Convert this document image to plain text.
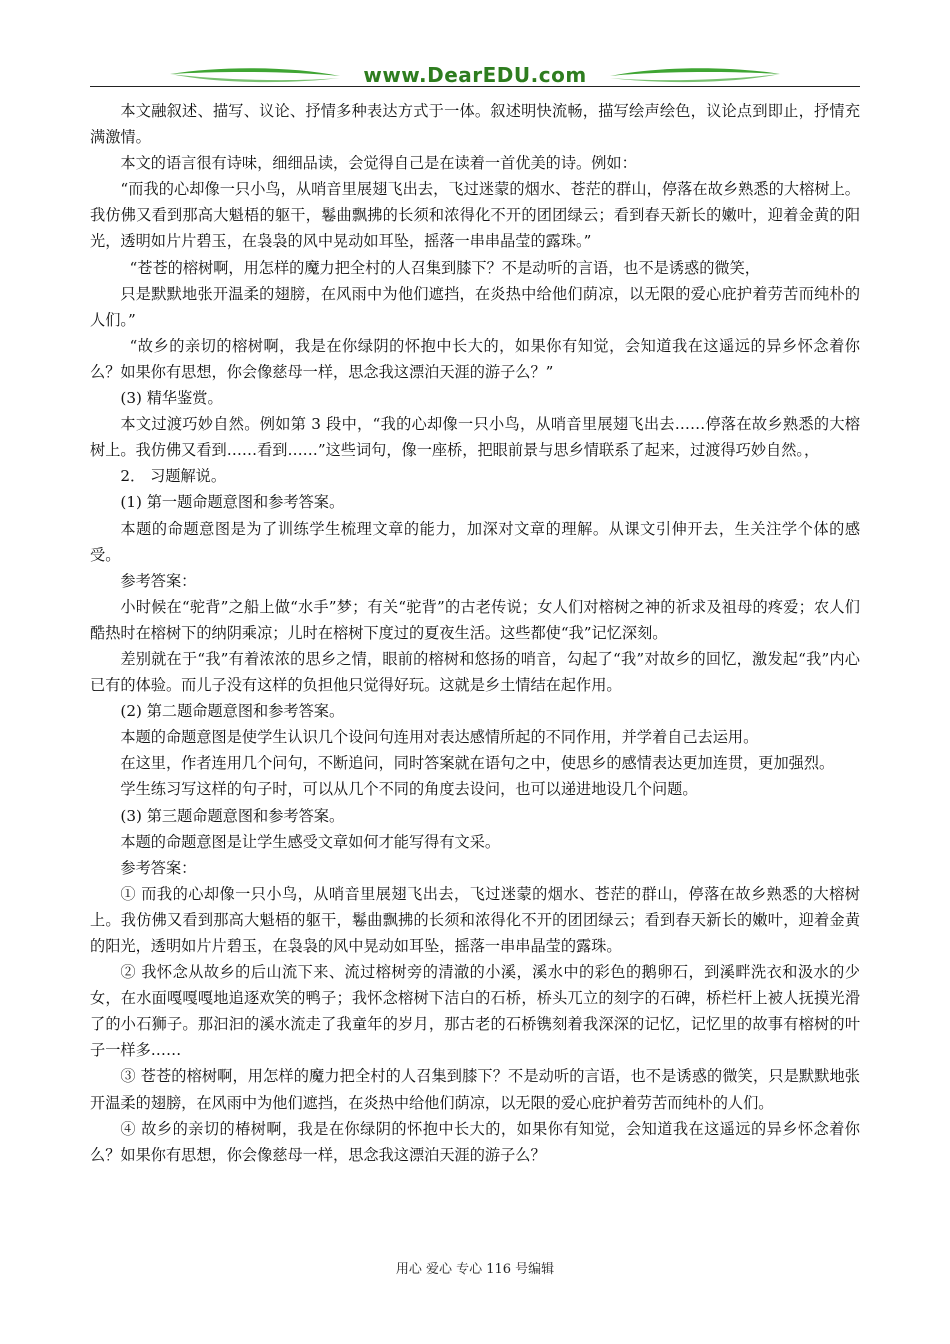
www.DearEDU.com

本文融叙述、描写、议论、抒情多种表达方式于一体。叙述明快流畅，描写绘声绘色，议论点到即止，抒情充满激情。

本文的语言很有诗味，细细品读，会觉得自己是在读着一首优美的诗。例如：

“而我的心却像一只小鸟，从哨音里展翅飞出去，飞过迷蒙的烟水、苍茫的群山，停落在故乡熟悉的大榕树上。我仿佛又看到那高大魁梧的躯干，鬈曲飘拂的长须和浓得化不开的团团绿云；看到春天新长的嫩叶，迎着金黄的阳光，透明如片片碧玉，在袅袅的风中晃动如耳坠，摇落一串串晶莹的露珠。”

“苍苍的榕树啊，用怎样的魔力把全村的人召集到膝下？不是动听的言语，也不是诱惑的微笑，

只是默默地张开温柔的翅膀，在风雨中为他们遮挡，在炎热中给他们荫凉，以无限的爱心庇护着劳苦而纯朴的人们。”

“故乡的亲切的榕树啊，我是在你绿阴的怀抱中长大的，如果你有知觉，会知道我在这遥远的异乡怀念着你么？如果你有思想，你会像慈母一样，思念我这漂泊天涯的游子么？”

(3) 精华鉴赏。

本文过渡巧妙自然。例如第 3 段中，“我的心却像一只小鸟，从哨音里展翅飞出去……停落在故乡熟悉的大榕树上。我仿佛又看到……看到……”这些词句，像一座桥，把眼前景与思乡情联系了起来，过渡得巧妙自然。，

2． 习题解说。

(1) 第一题命题意图和参考答案。

本题的命题意图是为了训练学生梳理文章的能力，加深对文章的理解。从课文引伸开去，生关注学个体的感受。

参考答案：

小时候在“驼背”之船上做“水手”梦；有关“驼背”的古老传说；女人们对榕树之神的祈求及祖母的疼爱；农人们酷热时在榕树下的纳阴乘凉；儿时在榕树下度过的夏夜生活。这些都使“我”记忆深刻。

差别就在于“我”有着浓浓的思乡之情，眼前的榕树和悠扬的哨音，勾起了“我”对故乡的回忆，激发起“我”内心已有的体验。而儿子没有这样的负担他只觉得好玩。这就是乡土情结在起作用。

(2) 第二题命题意图和参考答案。

本题的命题意图是使学生认识几个设问句连用对表达感情所起的不同作用，并学着自己去运用。

在这里，作者连用几个问句，不断追问，同时答案就在语句之中，使思乡的感情表达更加连贯，更加强烈。

学生练习写这样的句子时，可以从几个不同的角度去设问，也可以递进地设几个问题。

(3) 第三题命题意图和参考答案。

本题的命题意图是让学生感受文章如何才能写得有文采。

参考答案：

① 而我的心却像一只小鸟，从哨音里展翅飞出去，飞过迷蒙的烟水、苍茫的群山，停落在故乡熟悉的大榕树上。我仿佛又看到那高大魁梧的躯干，鬈曲飘拂的长须和浓得化不开的团团绿云；看到春天新长的嫩叶，迎着金黄的阳光，透明如片片碧玉，在袅袅的风中晃动如耳坠，摇落一串串晶莹的露珠。

② 我怀念从故乡的后山流下来、流过榕树旁的清澈的小溪，溪水中的彩色的鹅卵石，到溪畔洗衣和汲水的少女，在水面嘎嘎嘎地追逐欢笑的鸭子；我怀念榕树下洁白的石桥，桥头兀立的刻字的石碑，桥栏杆上被人抚摸光滑了的小石狮子。那汩汩的溪水流走了我童年的岁月，那古老的石桥镌刻着我深深的记忆，记忆里的故事有榕树的叶子一样多……

③ 苍苍的榕树啊，用怎样的魔力把全村的人召集到膝下？不是动听的言语，也不是诱惑的微笑，只是默默地张开温柔的翅膀，在风雨中为他们遮挡，在炎热中给他们荫凉，以无限的爱心庇护着劳苦而纯朴的人们。

④ 故乡的亲切的椿树啊，我是在你绿阴的怀抱中长大的，如果你有知觉，会知道我在这遥远的异乡怀念着你么？如果你有思想，你会像慈母一样，思念我这漂泊天涯的游子么？

用心 爱心 专心 116 号编辑
